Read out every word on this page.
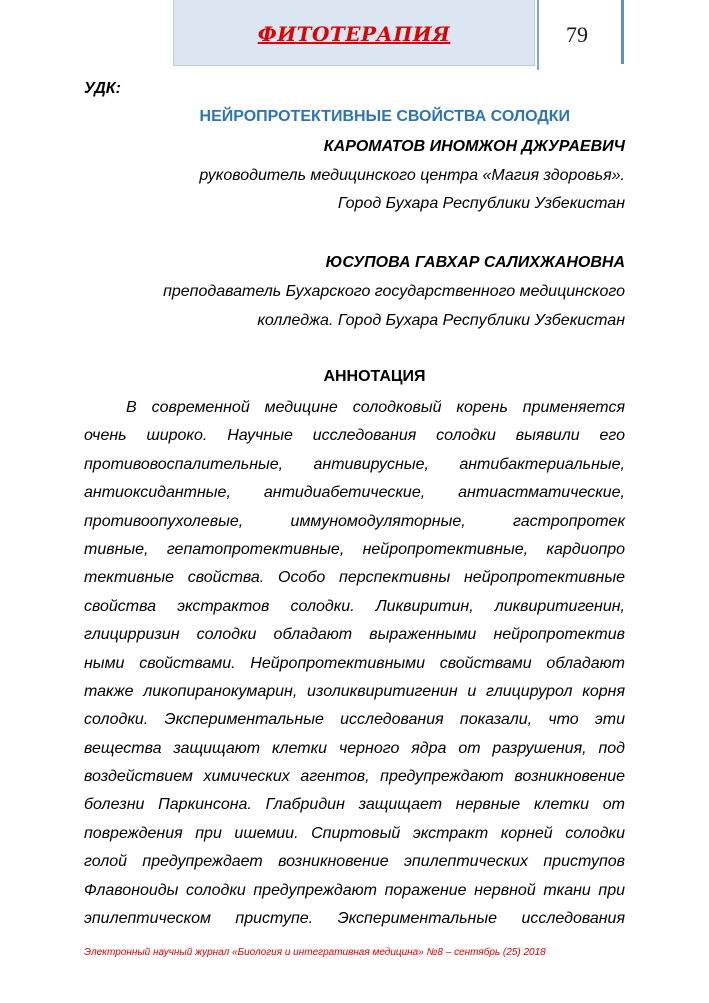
ФИТОТЕРАПИЯ	79
УДК:
НЕЙРОПРОТЕКТИВНЫЕ СВОЙСТВА СОЛОДКИ
КАРОМАТОВ ИНОМЖОН ДЖУРАЕВИЧ
руководитель медицинского центра «Магия здоровья».
Город Бухара Республики Узбекистан
ЮСУПОВА ГАВХАР САЛИХЖАНОВНА
преподаватель Бухарского государственного медицинского
колледжа. Город Бухара Республики Узбекистан
АННОТАЦИЯ
В современной медицине солодковый корень применяется
очень широко. Научные исследования солодки выявили его
противовоспалительные, антивирусные, антибактериальные,
антиоксидантные, антидиабетические, антиастматические,
противоопухолевые, иммуномодуляторные, гастропротек
тивные, гепатопротективные, нейропротективные, кардиопро
тективные свойства. Особо перспективны нейропротективные
свойства экстрактов солодки. Ликвиритин, ликвиритигенин,
глицирризин солодки обладают выраженными нейропротектив
ными свойствами. Нейропротективными свойствами обладают
также ликопиранокумарин, изоликвиритигенин и глицирурол корня
солодки. Экспериментальные исследования показали, что эти
вещества защищают клетки черного ядра от разрушения, под
воздействием химических агентов, предупреждают возникновение
болезни Паркинсона. Глабридин защищает нервные клетки от
повреждения при ишемии. Спиртовый экстракт корней солодки
голой предупреждает возникновение эпилептических приступов
Флавоноиды солодки предупреждают поражение нервной ткани при
эпилептическом приступе. Экспериментальные исследования
Электронный научный журнал «Биология и интегративная медицина» №8 – сентябрь (25) 2018
